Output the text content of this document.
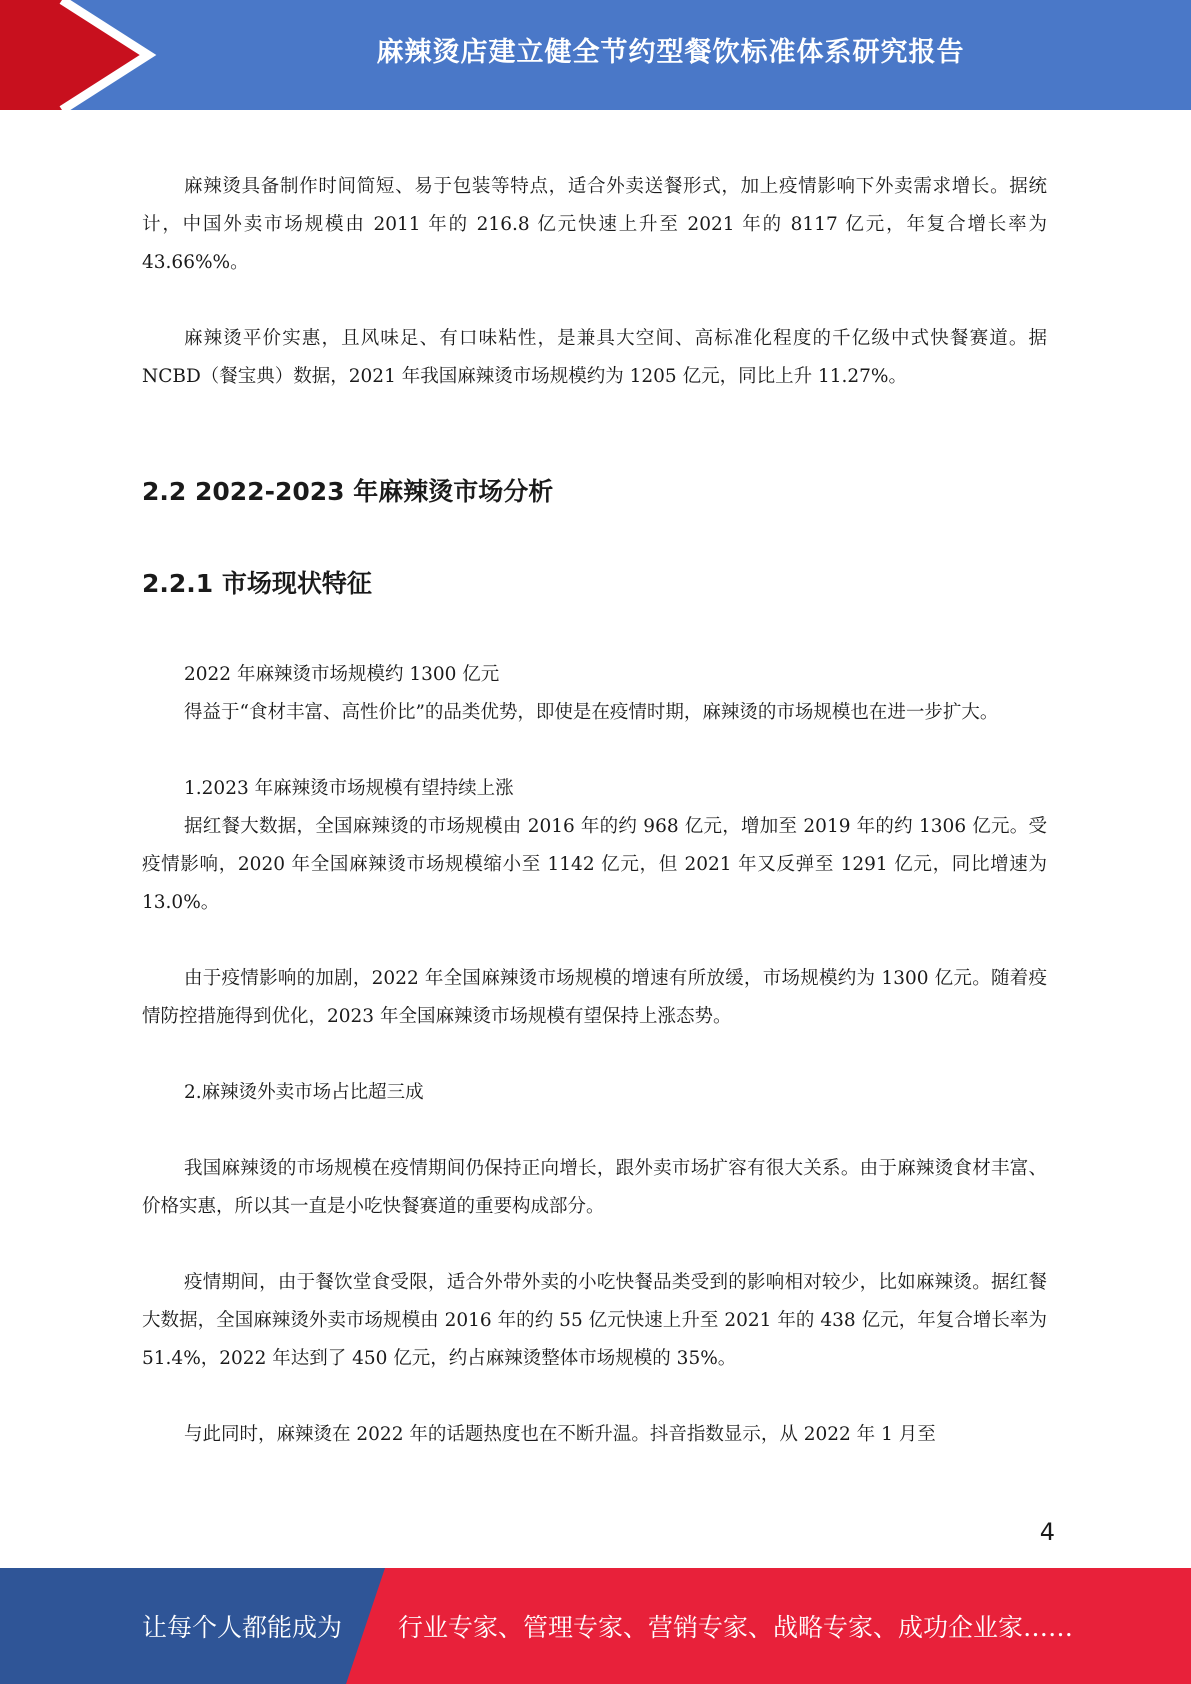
麻辣烫店建立健全节约型餐饮标准体系研究报告

麻辣烫具备制作时间简短、易于包装等特点，适合外卖送餐形式，加上疫情影响下外卖需求增长。据统计，中国外卖市场规模由 2011 年的 216.8 亿元快速上升至 2021 年的 8117 亿元，年复合增长率为 43.66%%。

麻辣烫平价实惠，且风味足、有口味粘性，是兼具大空间、高标准化程度的千亿级中式快餐赛道。据 NCBD（餐宝典）数据，2021 年我国麻辣烫市场规模约为 1205 亿元，同比上升 11.27%。

2.2 2022-2023 年麻辣烫市场分析
2.2.1 市场现状特征

2022 年麻辣烫市场规模约 1300 亿元

得益于“食材丰富、高性价比”的品类优势，即使是在疫情时期，麻辣烫的市场规模也在进一步扩大。

1.2023 年麻辣烫市场规模有望持续上涨

据红餐大数据，全国麻辣烫的市场规模由 2016 年的约 968 亿元，增加至 2019 年的约 1306 亿元。受疫情影响，2020 年全国麻辣烫市场规模缩小至 1142 亿元，但 2021 年又反弹至 1291 亿元，同比增速为 13.0%。

由于疫情影响的加剧，2022 年全国麻辣烫市场规模的增速有所放缓，市场规模约为 1300 亿元。随着疫情防控措施得到优化，2023 年全国麻辣烫市场规模有望保持上涨态势。

2.麻辣烫外卖市场占比超三成

我国麻辣烫的市场规模在疫情期间仍保持正向增长，跟外卖市场扩容有很大关系。由于麻辣烫食材丰富、价格实惠，所以其一直是小吃快餐赛道的重要构成部分。

疫情期间，由于餐饮堂食受限，适合外带外卖的小吃快餐品类受到的影响相对较少，比如麻辣烫。据红餐大数据，全国麻辣烫外卖市场规模由 2016 年的约 55 亿元快速上升至 2021 年的 438 亿元，年复合增长率为 51.4%，2022 年达到了 450 亿元，约占麻辣烫整体市场规模的 35%。

与此同时，麻辣烫在 2022 年的话题热度也在不断升温。抖音指数显示，从 2022 年 1 月至

4
让每个人都能成为 行业专家、管理专家、营销专家、战略专家、成功企业家……
